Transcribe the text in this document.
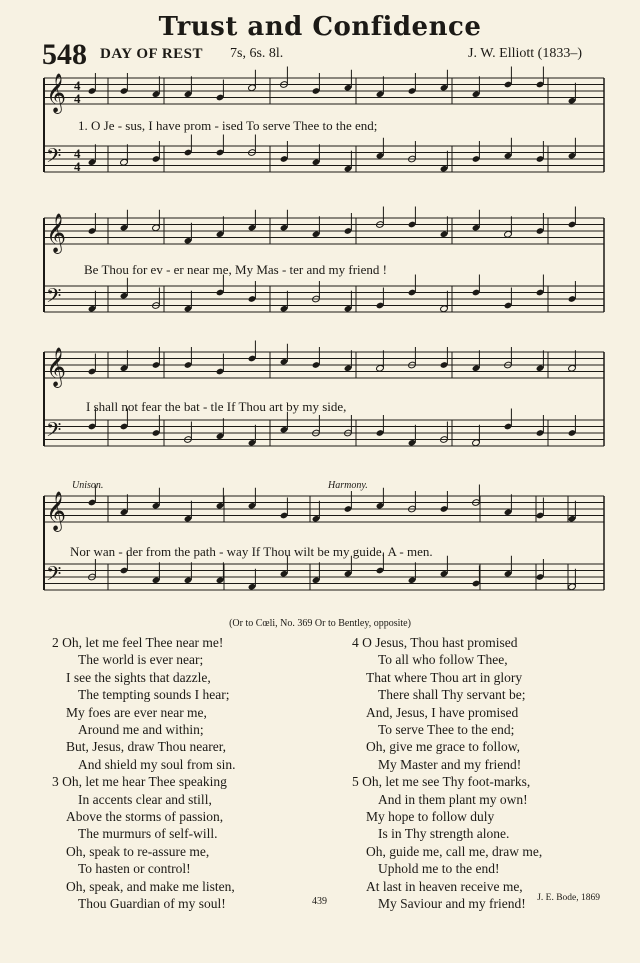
Trust and Confidence
548 DAY OF REST 7s, 6s. 8l.	J. W. Elliott (1833–)
𝄞
𝄢
𝄞
𝄢
𝄞
𝄢
𝄞
𝄢
4
4
4
4
1. O Je - sus, I have prom - ised To serve Thee to the end;
Be Thou for ev - er near me, My Mas - ter and my friend !
I shall not fear the bat - tle If Thou art by my side,
Nor wan - der from the path - way If Thou wilt be my guide. A - men.
Unison.	Harmony.
(Or to Cœli, No. 369 Or to Bentley, opposite)
2 Oh, let me feel Thee near me!
The world is ever near;
I see the sights that dazzle,
The tempting sounds I hear;
My foes are ever near me,
Around me and within;
But, Jesus, draw Thou nearer,
And shield my soul from sin.
3 Oh, let me hear Thee speaking
In accents clear and still,
Above the storms of passion,
The murmurs of self-will.
Oh, speak to re-assure me,
To hasten or control!
Oh, speak, and make me listen,
Thou Guardian of my soul!
4 O Jesus, Thou hast promised
To all who follow Thee,
That where Thou art in glory
There shall Thy servant be;
And, Jesus, I have promised
To serve Thee to the end;
Oh, give me grace to follow,
My Master and my friend!
5 Oh, let me see Thy foot-marks,
And in them plant my own!
My hope to follow duly
Is in Thy strength alone.
Oh, guide me, call me, draw me,
Uphold me to the end!
At last in heaven receive me,
My Saviour and my friend!
439	J. E. Bode, 1869
